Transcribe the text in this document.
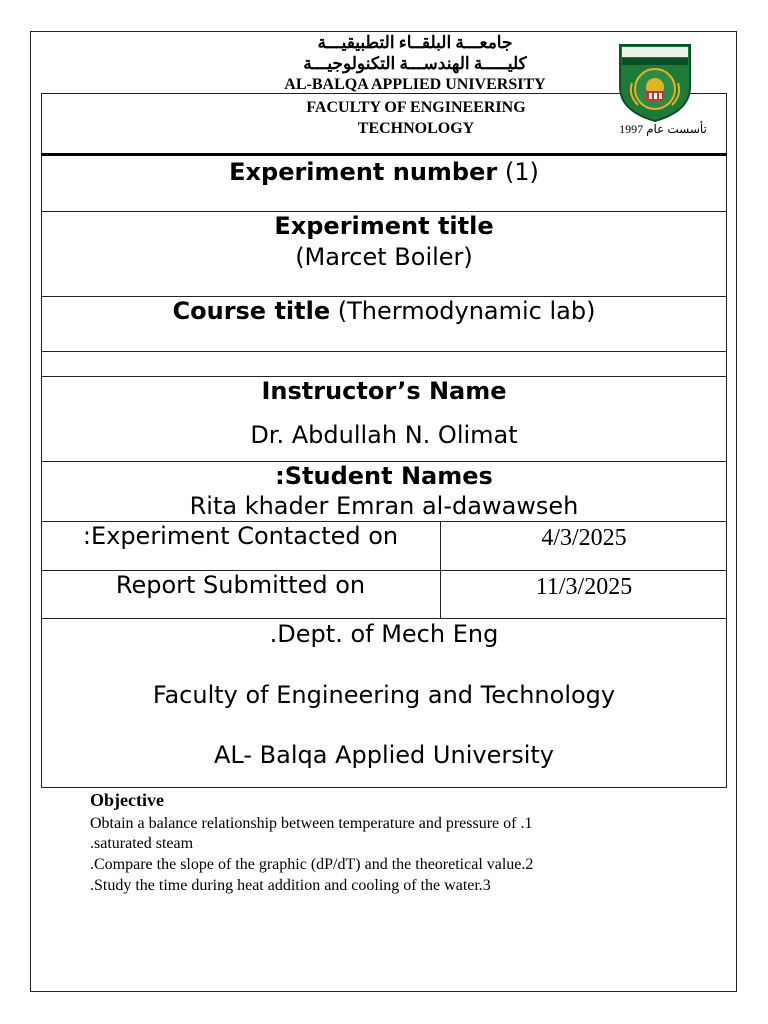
جامعـــة البلقــاء التطبيقيـــة
كليـــــة الهندســـة التكنولوجيـــة
AL-BALQA APPLIED UNIVERSITY
FACULTY OF ENGINEERING
TECHNOLOGY	تأسست عام 1997
Experiment number (1)
Experiment title
(Marcet Boiler)
Course title (Thermodynamic lab)
Instructor’s Name
Dr. Abdullah N. Olimat
:Student Names
Rita khader Emran al-dawawseh
:Experiment Contacted on	4/3/2025
Report Submitted on	11/3/2025
.Dept. of Mech Eng
Faculty of Engineering and Technology
AL- Balqa Applied University
Objective
Obtain a balance relationship between temperature and pressure of .1
.saturated steam
.Compare the slope of the graphic (dP/dT) and the theoretical value.2
.Study the time during heat addition and cooling of the water.3
